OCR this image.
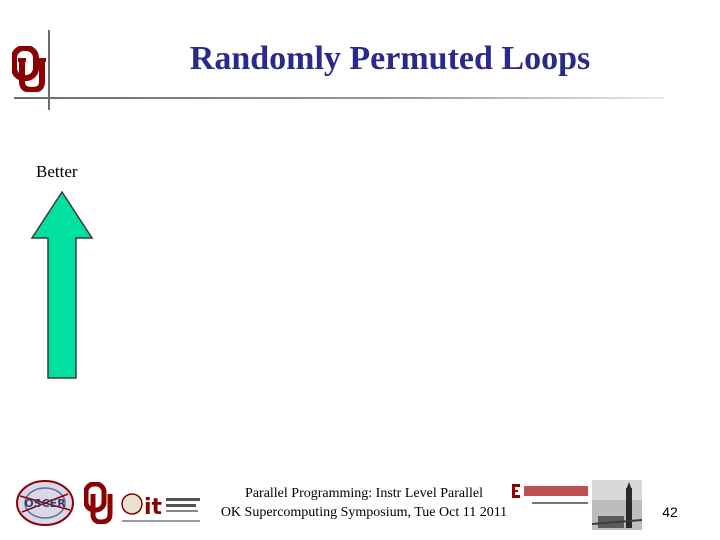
Randomly Permuted Loops
Better
OSCER	it
Parallel Programming: Instr Level Parallel
OK Supercomputing Symposium, Tue Oct 11 2011	42
